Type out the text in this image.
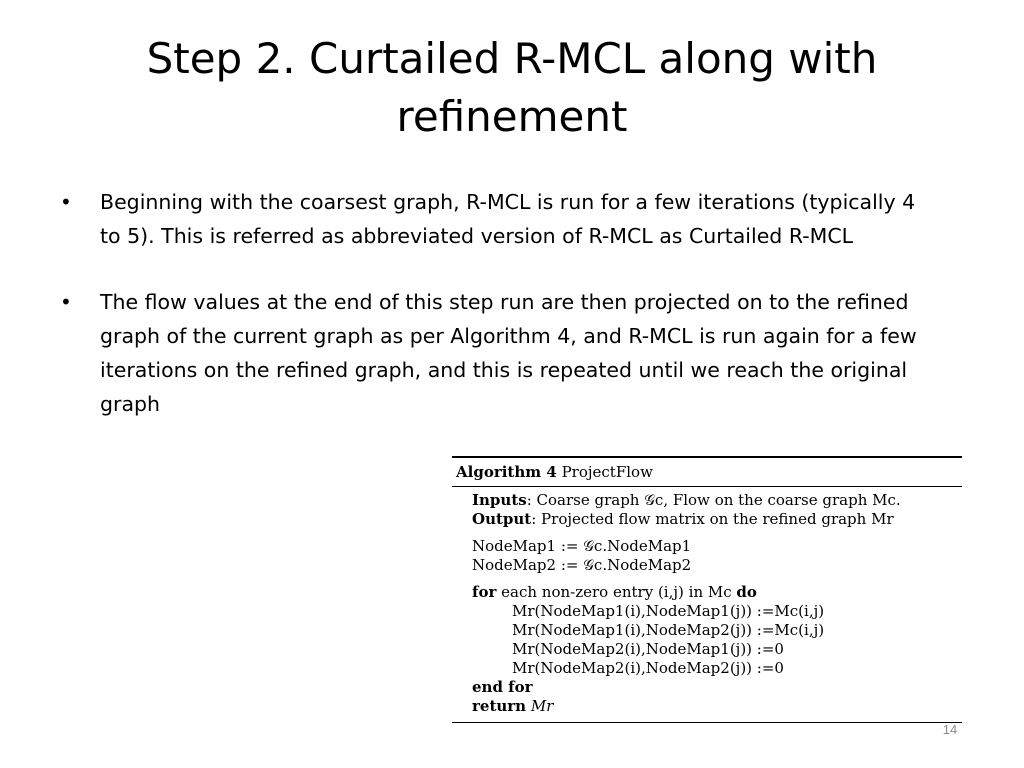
Step 2. Curtailed R-MCL along with refinement
• Beginning with the coarsest graph, R-MCL is run for a few iterations (typically 4 to 5). This is referred as abbreviated version of R-MCL as Curtailed R-MCL
• The flow values at the end of this step run are then projected on to the refined graph of the current graph as per Algorithm 4, and R-MCL is run again for a few iterations on the refined graph, and this is repeated until we reach the original graph
Algorithm 4 ProjectFlow
Inputs: Coarse graph 𝒢c, Flow on the coarse graph Mc.
Output: Projected flow matrix on the refined graph Mr
NodeMap1 := 𝒢c.NodeMap1
NodeMap2 := 𝒢c.NodeMap2
for each non-zero entry (i,j) in Mc do
Mr(NodeMap1(i),NodeMap1(j)) :=Mc(i,j)
Mr(NodeMap1(i),NodeMap2(j)) :=Mc(i,j)
Mr(NodeMap2(i),NodeMap1(j)) :=0
Mr(NodeMap2(i),NodeMap2(j)) :=0
end for
return Mr
14
